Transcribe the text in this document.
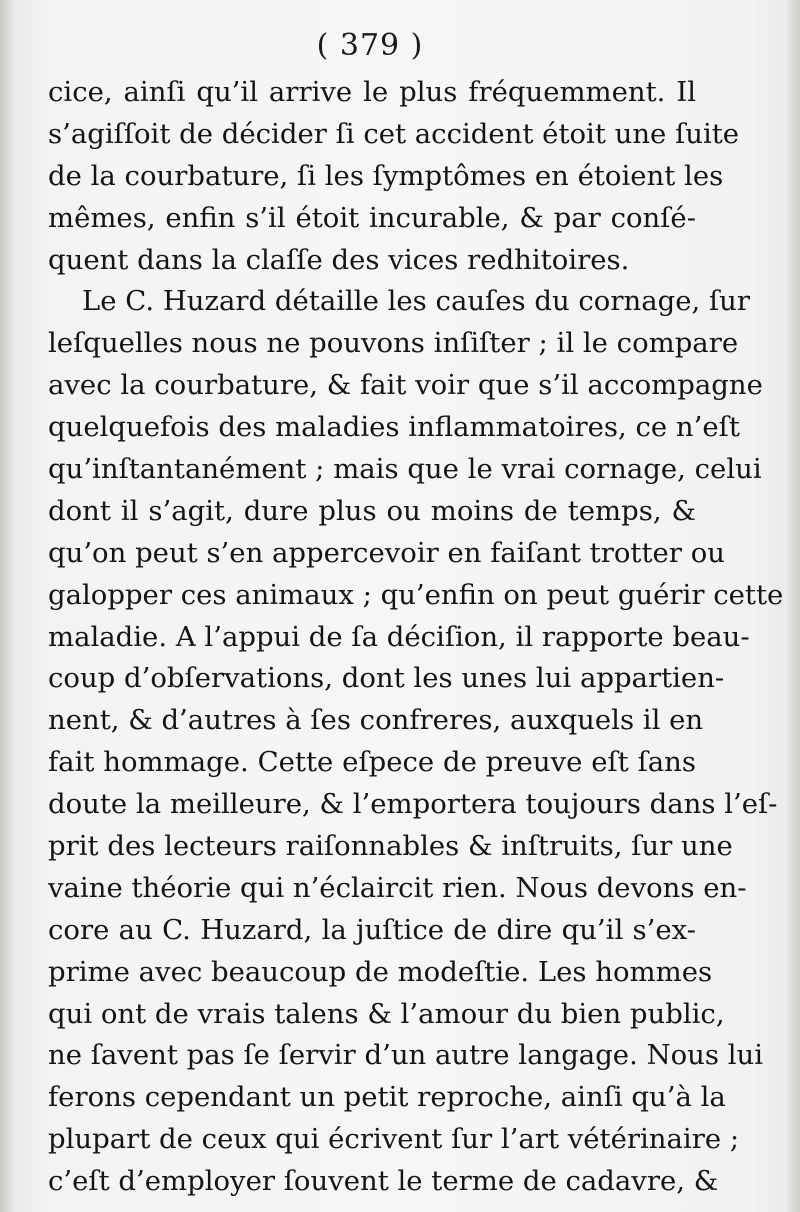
( 379 )
cice, ainſi qu’il arrive le plus fréquemment. Il
s’agiſſoit de décider ſi cet accident étoit une ſuite
de la courbature, ſi les ſymptômes en étoient les
mêmes, enfin s’il étoit incurable, & par conſé-
quent dans la claſſe des vices redhitoires.
Le C. Huzard détaille les cauſes du cornage, ſur
leſquelles nous ne pouvons inſiſter ; il le compare
avec la courbature, & fait voir que s’il accompagne
quelquefois des maladies inflammatoires, ce n’eſt
qu’inſtantanément ; mais que le vrai cornage, celui
dont il s’agit, dure plus ou moins de temps, &
qu’on peut s’en appercevoir en faiſant trotter ou
galopper ces animaux ; qu’enfin on peut guérir cette
maladie. A l’appui de ſa déciſion, il rapporte beau-
coup d’obſervations, dont les unes lui appartien-
nent, & d’autres à ſes confreres, auxquels il en
fait hommage. Cette eſpece de preuve eſt ſans
doute la meilleure, & l’emportera toujours dans l’eſ-
prit des lecteurs raiſonnables & inſtruits, ſur une
vaine théorie qui n’éclaircit rien. Nous devons en-
core au C. Huzard, la juſtice de dire qu’il s’ex-
prime avec beaucoup de modeſtie. Les hommes
qui ont de vrais talens & l’amour du bien public,
ne ſavent pas ſe ſervir d’un autre langage. Nous lui
ferons cependant un petit reproche, ainſi qu’à la
plupart de ceux qui écrivent ſur l’art vétérinaire ;
c’eſt d’employer ſouvent le terme de cadavre, &
